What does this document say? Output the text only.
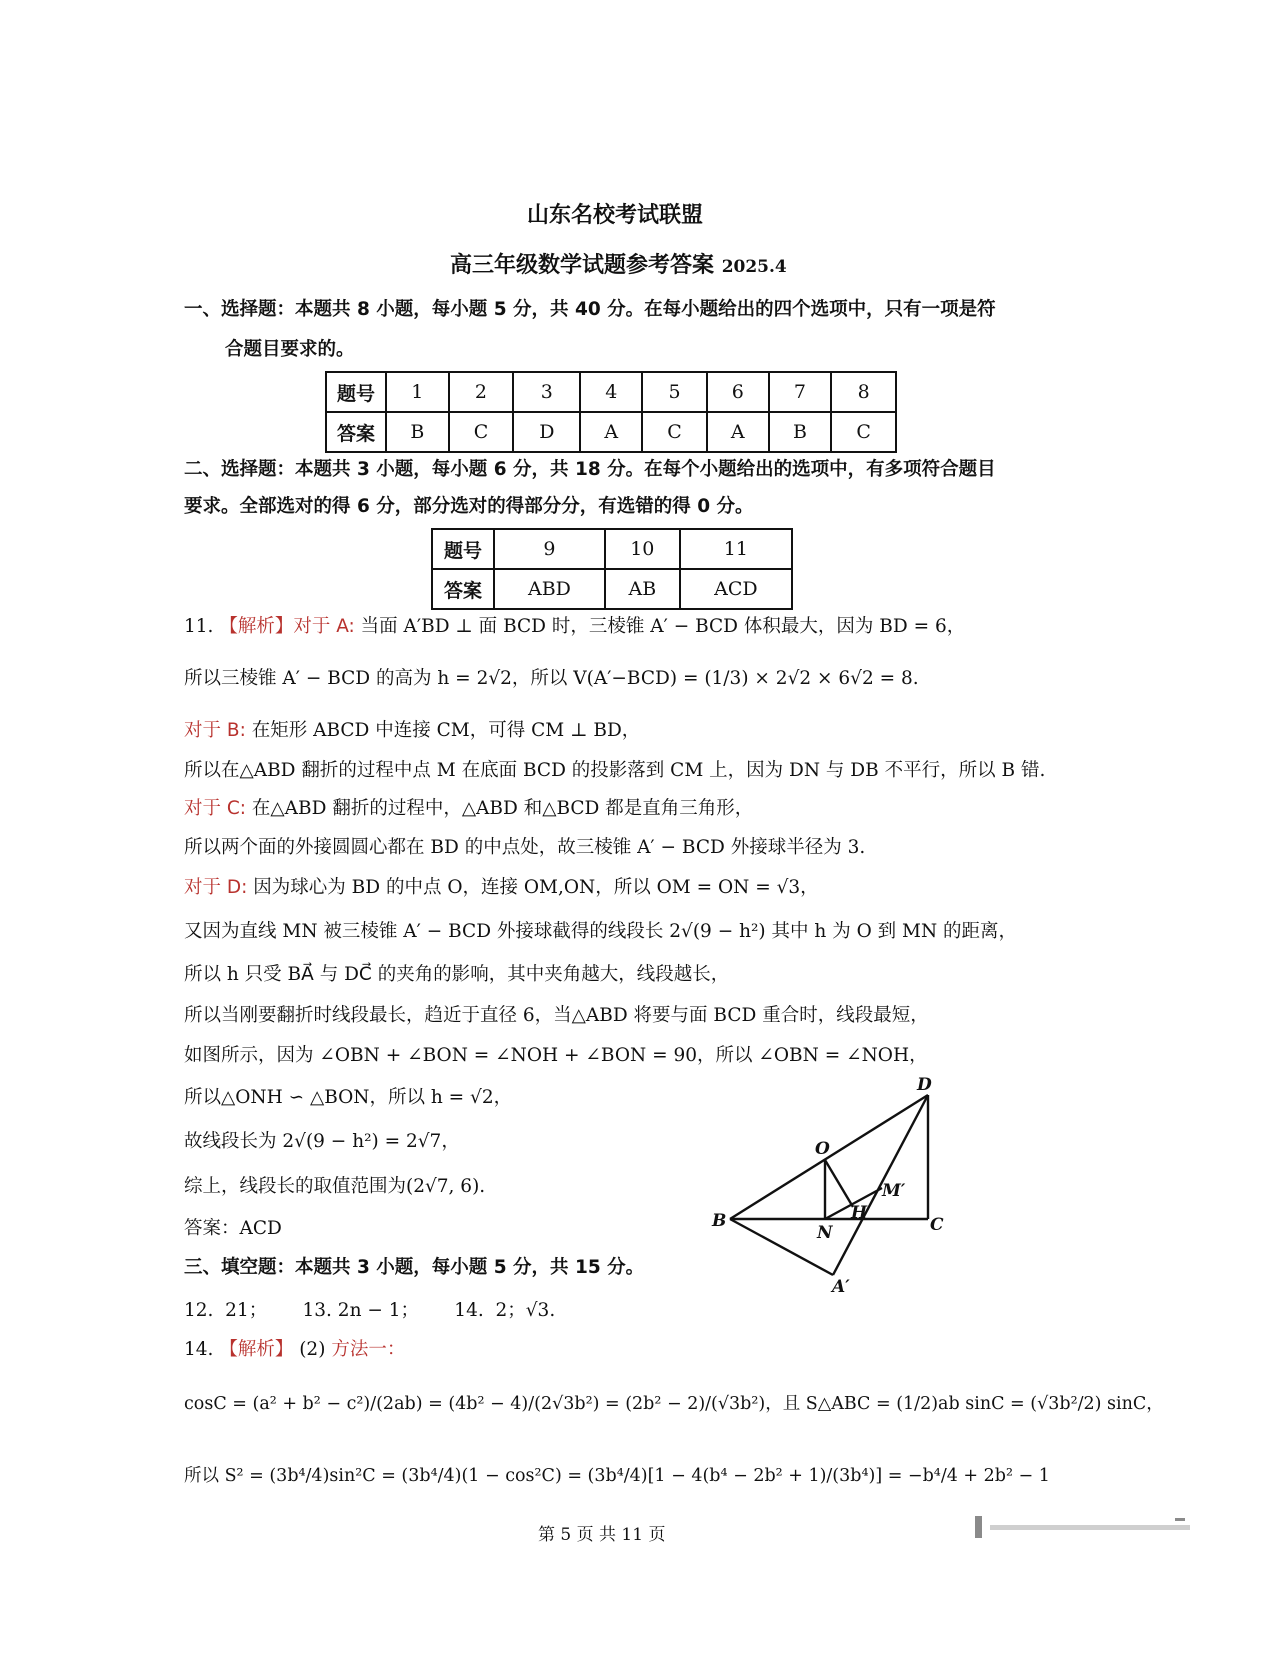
山东名校考试联盟
高三年级数学试题参考答案 2025.4
一、选择题：本题共 8 小题，每小题 5 分，共 40 分。在每小题给出的四个选项中，只有一项是符
合题目要求的。
题号	1	2	3	4	5	6	7	8
答案	B	C	D	A	C	A	B	C
二、选择题：本题共 3 小题，每小题 6 分，共 18 分。在每个小题给出的选项中，有多项符合题目
要求。全部选对的得 6 分，部分选对的得部分分，有选错的得 0 分。
题号	9	10	11
答案	ABD	AB	ACD
11. 【解析】对于 A: 当面 A′BD ⊥ 面 BCD 时，三棱锥 A′ − BCD 体积最大，因为 BD = 6，
所以三棱锥 A′ − BCD 的高为 h = 2√2，所以 V(A′−BCD) = (1/3) × 2√2 × 6√2 = 8.
对于 B: 在矩形 ABCD 中连接 CM，可得 CM ⊥ BD，
所以在△ABD 翻折的过程中点 M 在底面 BCD 的投影落到 CM 上，因为 DN 与 DB 不平行，所以 B 错.
对于 C: 在△ABD 翻折的过程中，△ABD 和△BCD 都是直角三角形，
所以两个面的外接圆圆心都在 BD 的中点处，故三棱锥 A′ − BCD 外接球半径为 3.
对于 D: 因为球心为 BD 的中点 O，连接 OM,ON，所以 OM = ON = √3，
又因为直线 MN 被三棱锥 A′ − BCD 外接球截得的线段长 2√(9 − h²) 其中 h 为 O 到 MN 的距离，
所以 h 只受 BA⃗ 与 DC⃗ 的夹角的影响，其中夹角越大，线段越长，
所以当刚要翻折时线段最长，趋近于直径 6，当△ABD 将要与面 BCD 重合时，线段最短，
如图所示，因为 ∠OBN + ∠BON = ∠NOH + ∠BON = 90，所以 ∠OBN = ∠NOH，
所以△ONH ∽ △BON，所以 h = √2，
故线段长为 2√(9 − h²) = 2√7，
综上，线段长的取值范围为(2√7, 6).
答案：ACD
D
O
M′
B
N
H
C
A′
三、填空题：本题共 3 小题，每小题 5 分，共 15 分。
12.  21；      13. 2n − 1；      14.  2；√3.
14. 【解析】 (2) 方法一：
cosC = (a² + b² − c²)/(2ab) = (4b² − 4)/(2√3b²) = (2b² − 2)/(√3b²)，且 S△ABC = (1/2)ab sinC = (√3b²/2) sinC，
所以 S² = (3b⁴/4)sin²C = (3b⁴/4)(1 − cos²C) = (3b⁴/4)[1 − 4(b⁴ − 2b² + 1)/(3b⁴)] = −b⁴/4 + 2b² − 1
第 5 页 共 11 页
